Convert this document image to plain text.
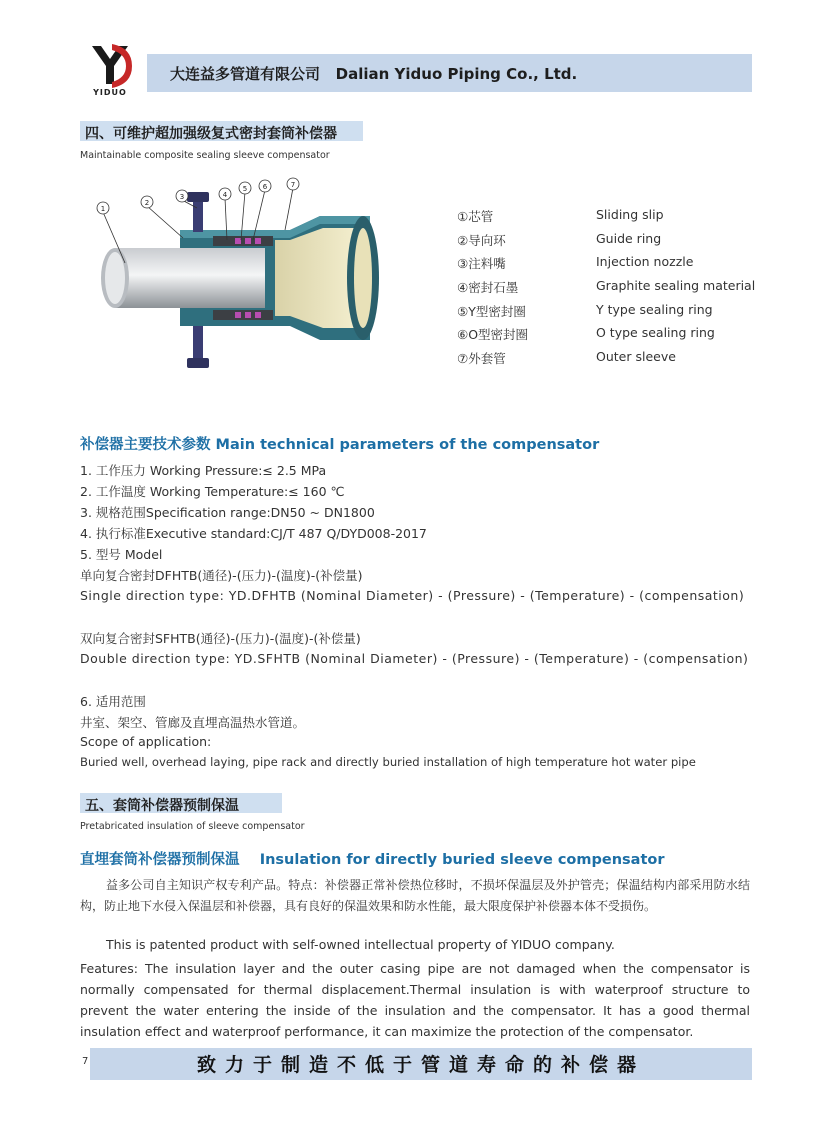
YIDUO
大连益多管道有限公司   Dalian Yiduo Piping Co., Ltd.
四、可维护超加强级复式密封套筒补偿器
Maintainable composite sealing sleeve compensator
1
2
3	4
5 6	7
①芯管	Sliding slip
②导向环	Guide ring
③注料嘴	Injection nozzle
④密封石墨	Graphite sealing material
⑤Y型密封圈	Y type sealing ring
⑥O型密封圈	O type sealing ring
⑦外套管	Outer sleeve
补偿器主要技术参数 Main technical parameters of the compensator
1. 工作压力 Working Pressure:≤ 2.5 MPa
2. 工作温度 Working Temperature:≤ 160 ℃
3. 规格范围Specification range:DN50 ~ DN1800
4. 执行标准Executive standard:CJ/T 487 Q/DYD008-2017
5. 型号 Model
单向复合密封DFHTB(通径)-(压力)-(温度)-(补偿量)
Single direction type: YD.DFHTB (Nominal Diameter) - (Pressure) - (Temperature) - (compensation)
双向复合密封SFHTB(通径)-(压力)-(温度)-(补偿量)
Double direction type: YD.SFHTB (Nominal Diameter) - (Pressure) - (Temperature) - (compensation)
6. 适用范围
井室、架空、管廊及直埋高温热水管道。
Scope of application:
Buried well, overhead laying, pipe rack and directly buried installation of high temperature hot water pipe
五、套筒补偿器预制保温
Pretabricated insulation of sleeve compensator
直埋套筒补偿器预制保温    Insulation for directly buried sleeve compensator
益多公司自主知识产权专利产品。特点：补偿器正常补偿热位移时，不损坏保温层及外护管壳；保温结构内部采用防水结构，防止地下水侵入保温层和补偿器，具有良好的保温效果和防水性能，最大限度保护补偿器本体不受损伤。
This is patented product with self-owned intellectual property of YIDUO company.
Features: The insulation layer and the outer casing pipe are not damaged when the compensator is normally compensated for thermal displacement.Thermal insulation is with waterproof structure to prevent the water entering the inside of the insulation and the compensator. It has a good thermal insulation effect and waterproof performance, it can maximize the protection of the compensator.
7	致力于制造不低于管道寿命的补偿器
